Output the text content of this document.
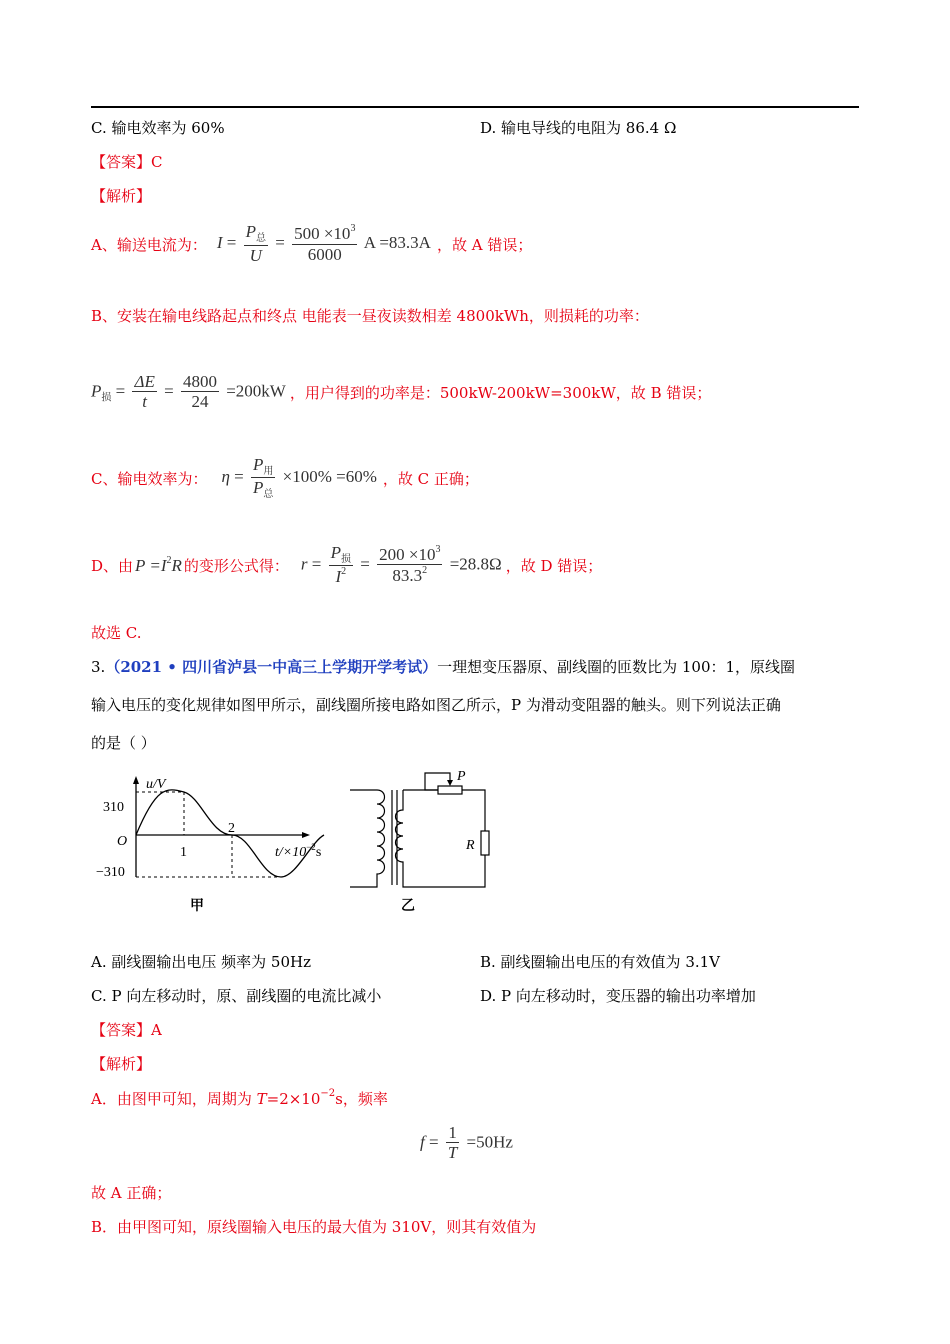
C. 输电效率为 60%	D. 输电导线的电阻为 86.4 Ω
【答案】C
【解析】
A、输送电流为： $I = \frac{P_总}{U} = \frac{500 \times 10^3}{6000}$ A =83.3A ，故 A 错误；
B、安装在输电线路起点和终点 电能表一昼夜读数相差 4800kWh，则损耗的功率：
$P_损 = \frac{\Delta E}{t} = \frac{4800}{24} =200kW$ ，用户得到的功率是：500kW-200kW=300kW，故 B 错误；
C、输电效率为： $\eta = \frac{P_用}{P_总} \times 100\% =60\%$ ，故 C 正确；
D、由 $P =I^2R$ 的变形公式得： $r = \frac{P_损}{I^2} = \frac{200 \times 10^3}{83.3^2} =28.8\Omega$ ，故 D 错误；
故选 C.
3.（2021 • 四川省泸县一中高三上学期开学考试）一理想变压器原、副线圈的匝数比为 100：1，原线圈
输入电压的变化规律如图甲所示，副线圈所接电路如图乙所示，P 为滑动变阻器的触头。则下列说法正确
的是（ ）
u/V
310
−310
O
1
2
$t/\times 10^{-2}s$
甲
P
R
乙
A. 副线圈输出电压 频率为 50Hz	B. 副线圈输出电压的有效值为 3.1V
C. P 向左移动时，原、副线圈的电流比减小	D. P 向左移动时，变压器的输出功率增加
【答案】A
【解析】
A．由图甲可知，周期为 $T=2\times 10^{-2}s$，频率
$f = \frac{1}{T} =50Hz$
故 A 正确；
B．由甲图可知，原线圈输入电压的最大值为 310V，则其有效值为
